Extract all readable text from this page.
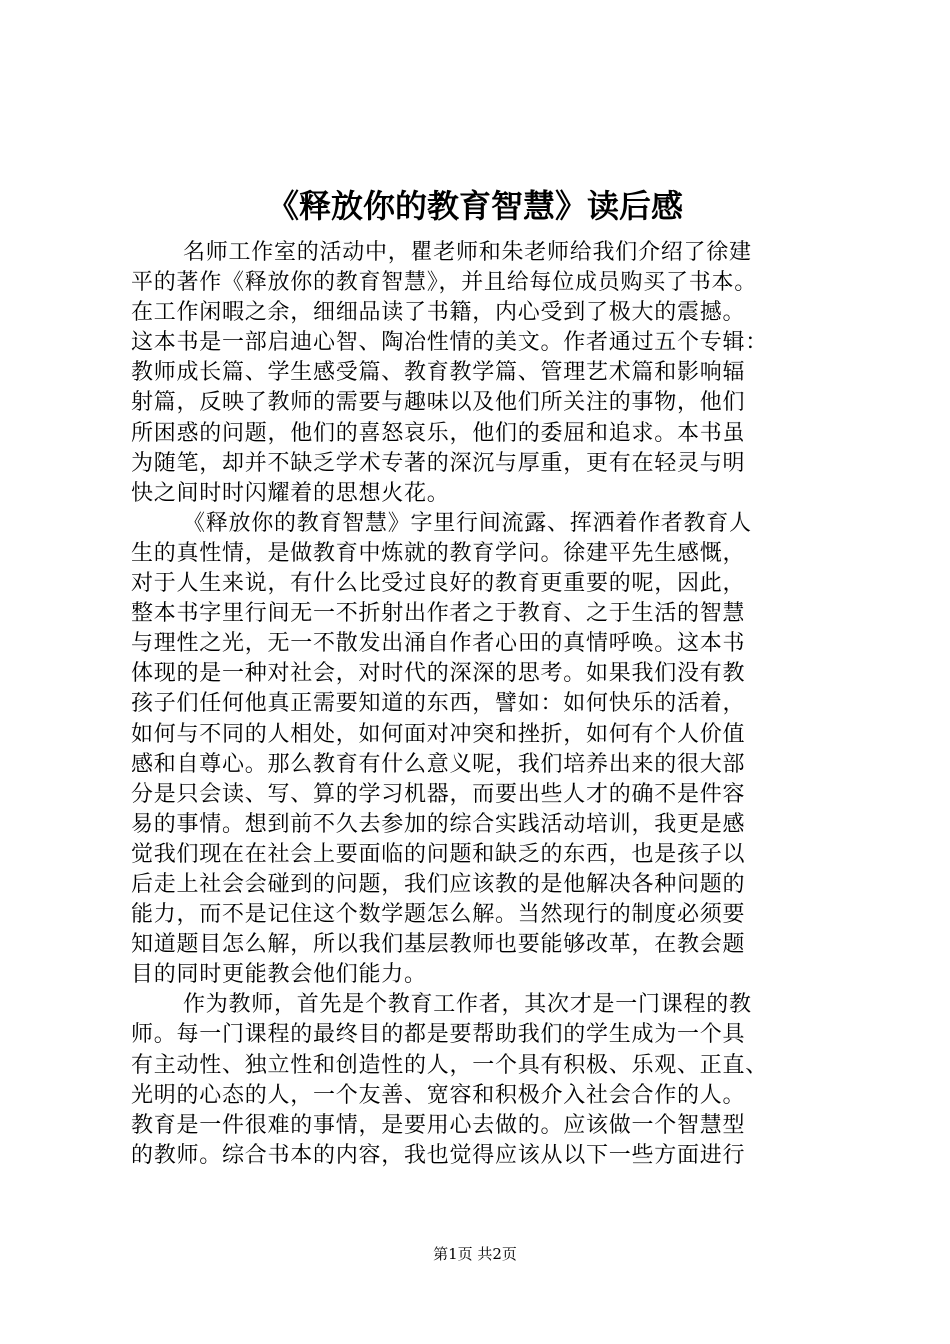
《释放你的教育智慧》读后感
名师工作室的活动中，瞿老师和朱老师给我们介绍了徐建
平的著作《释放你的教育智慧》，并且给每位成员购买了书本。
在工作闲暇之余，细细品读了书籍，内心受到了极大的震撼。
这本书是一部启迪心智、陶冶性情的美文。作者通过五个专辑：
教师成长篇、学生感受篇、教育教学篇、管理艺术篇和影响辐
射篇，反映了教师的需要与趣味以及他们所关注的事物，他们
所困惑的问题，他们的喜怒哀乐，他们的委屈和追求。本书虽
为随笔，却并不缺乏学术专著的深沉与厚重，更有在轻灵与明
快之间时时闪耀着的思想火花。
《释放你的教育智慧》字里行间流露、挥洒着作者教育人
生的真性情，是做教育中炼就的教育学问。徐建平先生感慨，
对于人生来说，有什么比受过良好的教育更重要的呢，因此，
整本书字里行间无一不折射出作者之于教育、之于生活的智慧
与理性之光，无一不散发出涌自作者心田的真情呼唤。这本书
体现的是一种对社会，对时代的深深的思考。如果我们没有教
孩子们任何他真正需要知道的东西，譬如：如何快乐的活着，
如何与不同的人相处，如何面对冲突和挫折，如何有个人价值
感和自尊心。那么教育有什么意义呢，我们培养出来的很大部
分是只会读、写、算的学习机器，而要出些人才的确不是件容
易的事情。想到前不久去参加的综合实践活动培训，我更是感
觉我们现在在社会上要面临的问题和缺乏的东西，也是孩子以
后走上社会会碰到的问题，我们应该教的是他解决各种问题的
能力，而不是记住这个数学题怎么解。当然现行的制度必须要
知道题目怎么解，所以我们基层教师也要能够改革，在教会题
目的同时更能教会他们能力。
作为教师，首先是个教育工作者，其次才是一门课程的教
师。每一门课程的最终目的都是要帮助我们的学生成为一个具
有主动性、独立性和创造性的人，一个具有积极、乐观、正直、
光明的心态的人，一个友善、宽容和积极介入社会合作的人。
教育是一件很难的事情，是要用心去做的。应该做一个智慧型
的教师。综合书本的内容，我也觉得应该从以下一些方面进行
第1页 共2页
